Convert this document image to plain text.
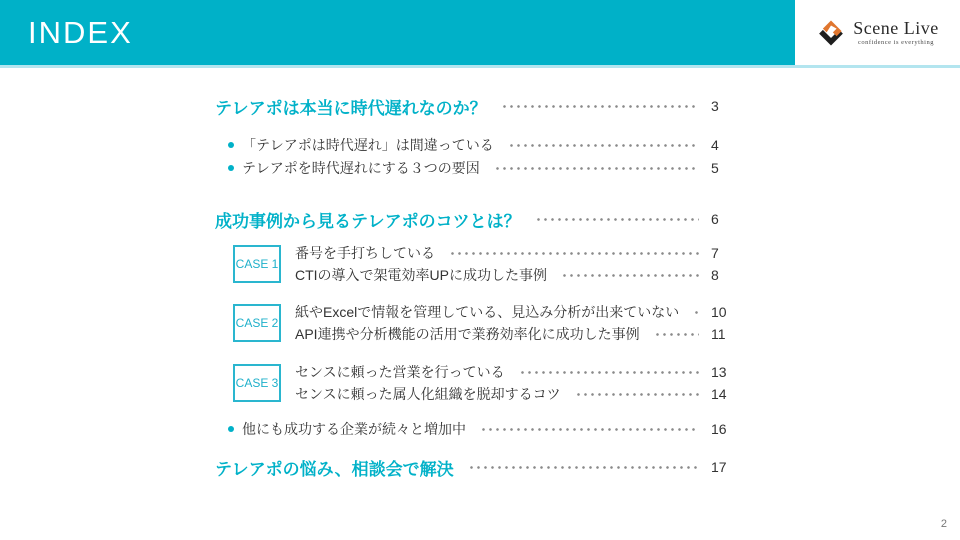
INDEX	Scene Live
confidence is everything
テレアポは本当に時代遅れなのか？	3
「テレアポは時代遅れ」は間違っている	4
テレアポを時代遅れにする３つの要因	5
成功事例から見るテレアポのコツとは？	6
CASE 1
番号を手打ちしている	7
CTIの導入で架電効率UPに成功した事例	8
CASE 2
紙やExcelで情報を管理している、見込み分析が出来ていない 10
API連携や分析機能の活用で業務効率化に成功した事例	11
CASE 3
センスに頼った営業を行っている	13
センスに頼った属人化組織を脱却するコツ	14
他にも成功する企業が続々と増加中	16
テレアポの悩み、相談会で解決	17
2
